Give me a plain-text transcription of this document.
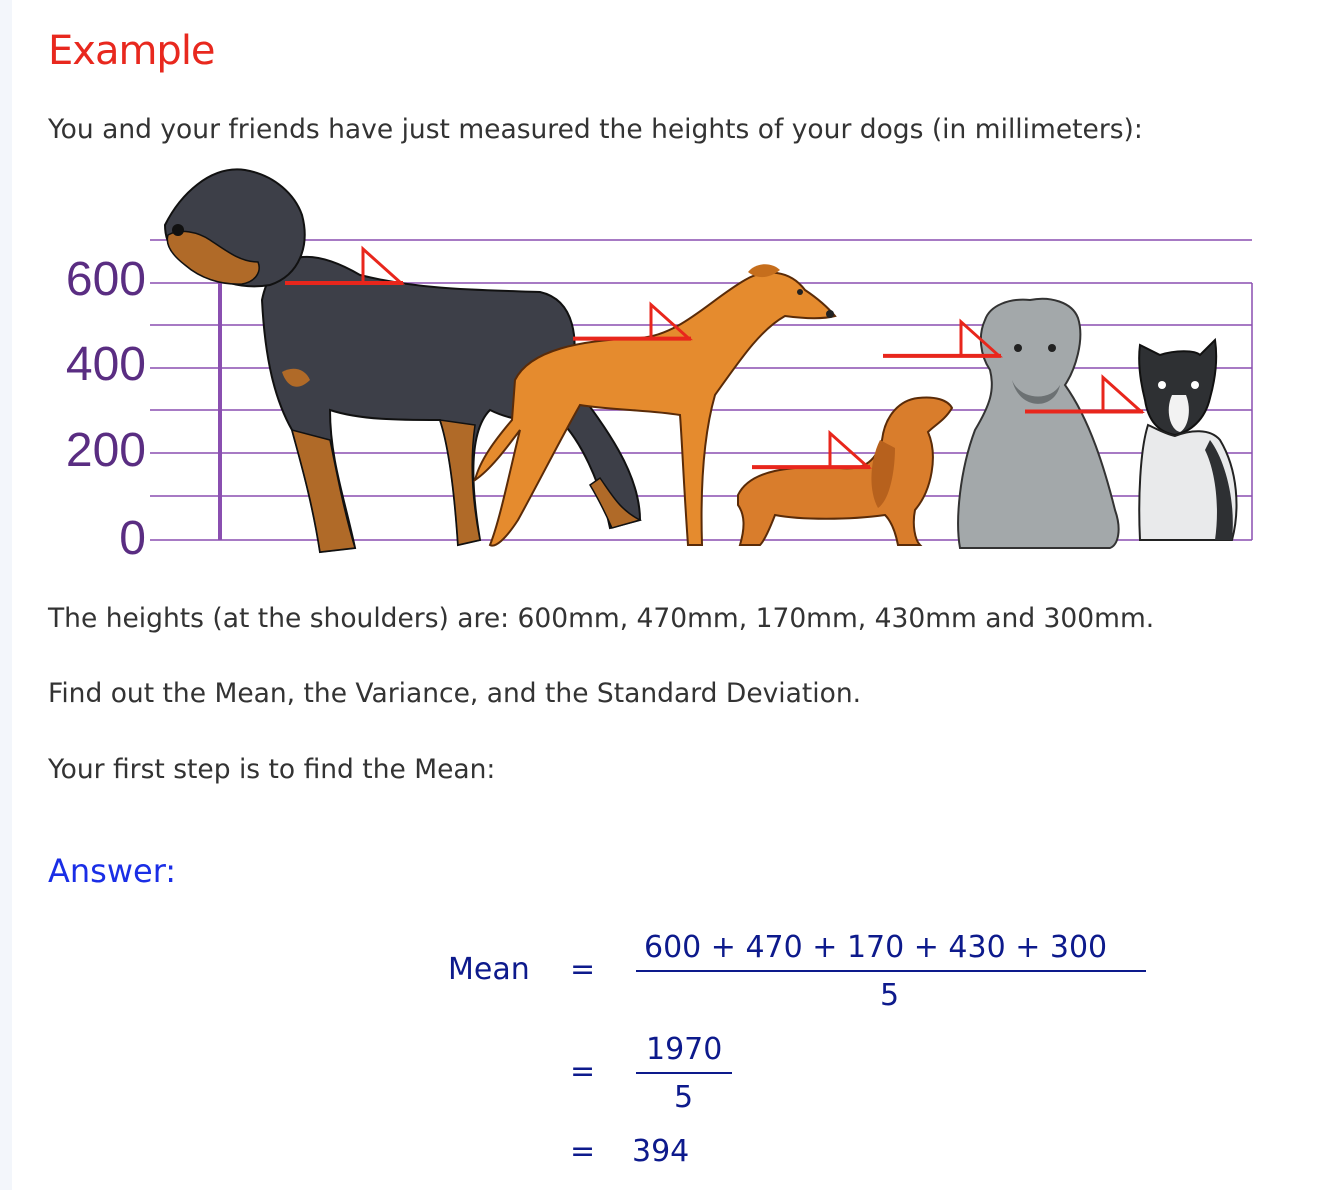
Example
You and your friends have just measured the heights of your dogs (in millimeters):
600
400
200
0
The heights (at the shoulders) are: 600mm, 470mm, 170mm, 430mm and 300mm.
Find out the Mean, the Variance, and the Standard Deviation.
Your first step is to find the Mean:
Answer:
Mean =
600 + 470 + 170 + 430 + 300
5
=
1970
5
= 394
